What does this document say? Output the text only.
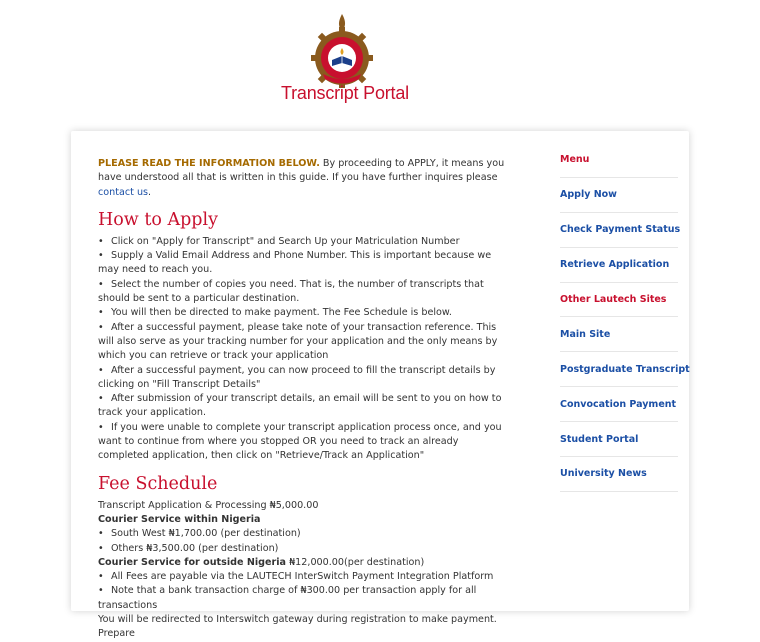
Transcript Portal

PLEASE READ THE INFORMATION BELOW. By proceeding to APPLY, it means you have understood all that is written in this guide. If you have further inquires please contact us.

How to Apply
• Click on "Apply for Transcript" and Search Up your Matriculation Number
• Supply a Valid Email Address and Phone Number. This is important because we may need to reach you.
• Select the number of copies you need. That is, the number of transcripts that should be sent to a particular destination.
• You will then be directed to make payment. The Fee Schedule is below.
• After a successful payment, please take note of your transaction reference. This will also serve as your tracking number for your application and the only means by which you can retrieve or track your application
• After a successful payment, you can now proceed to fill the transcript details by clicking on "Fill Transcript Details"
• After submission of your transcript details, an email will be sent to you on how to track your application.
• If you were unable to complete your transcript application process once, and you want to continue from where you stopped OR you need to track an already completed application, then click on "Retrieve/Track an Application"
Fee Schedule

Transcript Application & Processing ₦5,000.00

Courier Service within Nigeria

• South West ₦1,700.00 (per destination)

• Others ₦3,500.00 (per destination)

Courier Service for outside Nigeria ₦12,000.00(per destination)

• All Fees are payable via the LAUTECH InterSwitch Payment Integration Platform

• Note that a bank transaction charge of ₦300.00 per transaction apply for all transactions

You will be redirected to Interswitch gateway during registration to make payment. Prepare

Menu
Apply Now
Check Payment Status
Retrieve Application
Other Lautech Sites
Main Site
Postgraduate Transcript
Convocation Payment
Student Portal
University News
